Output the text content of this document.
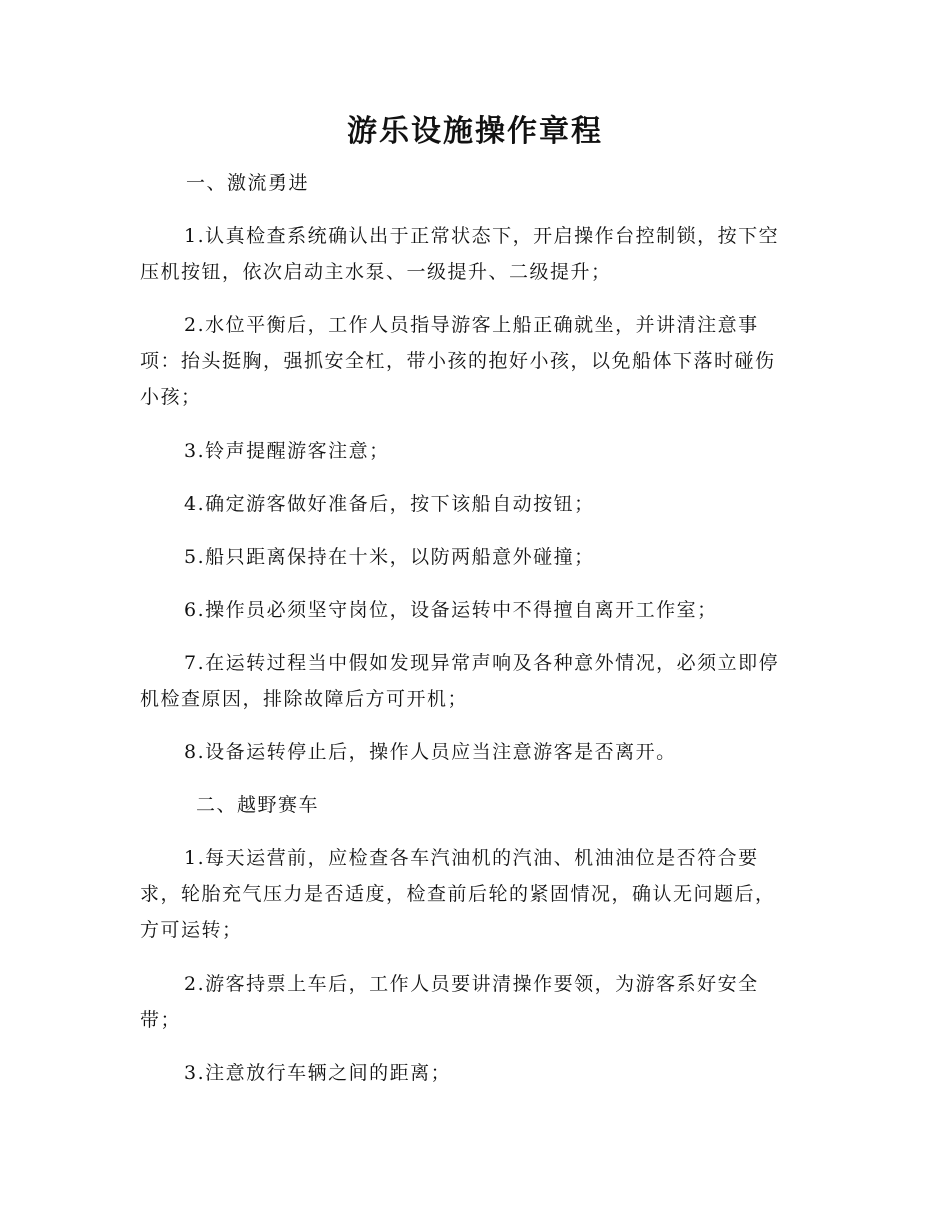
游乐设施操作章程

一、激流勇进

1.认真检查系统确认出于正常状态下，开启操作台控制锁，按下空压机按钮，依次启动主水泵、一级提升、二级提升；

2.水位平衡后，工作人员指导游客上船正确就坐，并讲清注意事项：抬头挺胸，强抓安全杠，带小孩的抱好小孩，以免船体下落时碰伤小孩；

3.铃声提醒游客注意；

4.确定游客做好准备后，按下该船自动按钮；

5.船只距离保持在十米，以防两船意外碰撞；

6.操作员必须坚守岗位，设备运转中不得擅自离开工作室；

7.在运转过程当中假如发现异常声响及各种意外情况，必须立即停机检查原因，排除故障后方可开机；

8.设备运转停止后，操作人员应当注意游客是否离开。

二、越野赛车

1.每天运营前，应检查各车汽油机的汽油、机油油位是否符合要求，轮胎充气压力是否适度，检查前后轮的紧固情况，确认无问题后，方可运转；

2.游客持票上车后，工作人员要讲清操作要领，为游客系好安全带；

3.注意放行车辆之间的距离；
